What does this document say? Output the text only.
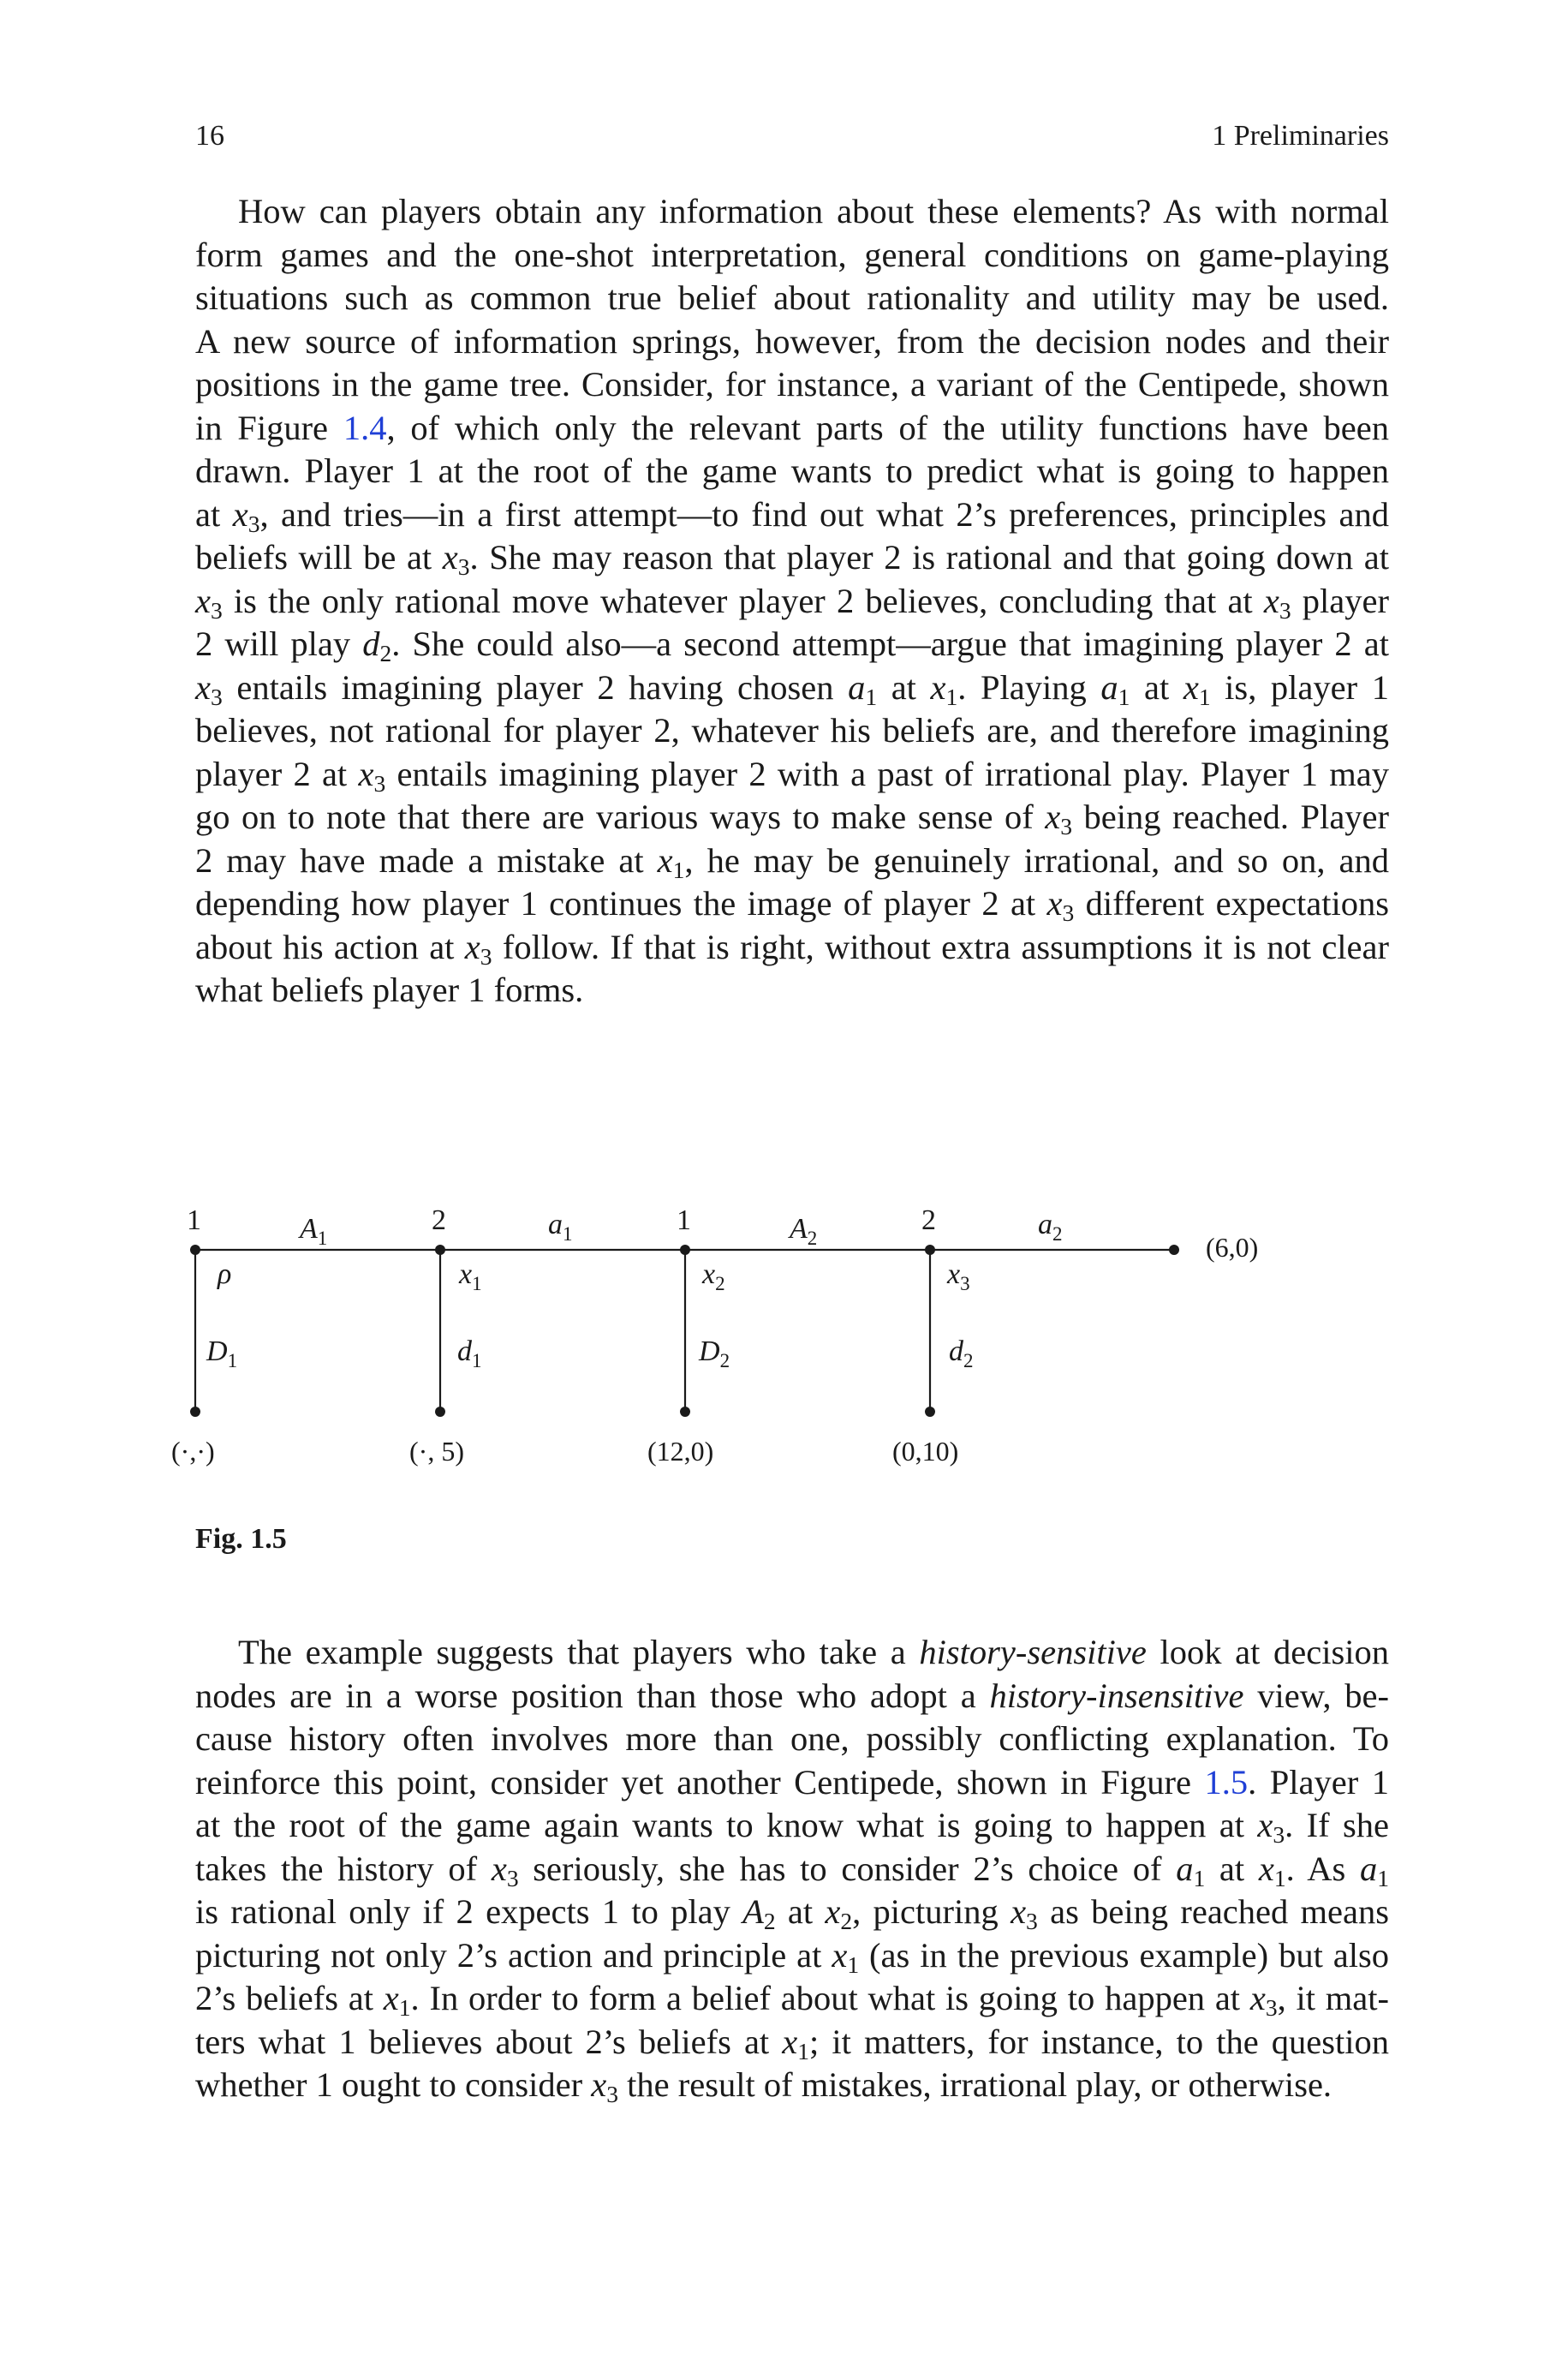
16	1 Preliminaries
How can players obtain any information about these elements? As with normal
form games and the one-shot interpretation, general conditions on game-playing
situations such as common true belief about rationality and utility may be used.
A new source of information springs, however, from the decision nodes and their
positions in the game tree. Consider, for instance, a variant of the Centipede, shown
in Figure 1.4, of which only the relevant parts of the utility functions have been
drawn. Player 1 at the root of the game wants to predict what is going to happen
at $x_3$, and tries—in a first attempt—to find out what 2’s preferences, principles and
beliefs will be at $x_3$. She may reason that player 2 is rational and that going down at
$x_3$ is the only rational move whatever player 2 believes, concluding that at $x_3$ player
2 will play $d_2$. She could also—a second attempt—argue that imagining player 2 at
$x_3$ entails imagining player 2 having chosen $a_1$ at $x_1$. Playing $a_1$ at $x_1$ is, player 1
believes, not rational for player 2, whatever his beliefs are, and therefore imagining
player 2 at $x_3$ entails imagining player 2 with a past of irrational play. Player 1 may
go on to note that there are various ways to make sense of $x_3$ being reached. Player
2 may have made a mistake at $x_1$, he may be genuinely irrational, and so on, and
depending how player 1 continues the image of player 2 at $x_3$ different expectations
about his action at $x_3$ follow. If that is right, without extra assumptions it is not clear
what beliefs player 1 forms.
1	2	1	2
$A_1$	$a_1$	$A_2$	$a_2$
ρ	$x_1$	$x_2$	$x_3$
$D_1$	$d_1$	$D_2$	$d_2$
(·,·)	(·, 5)	(12,0)	(0,10)
(6,0)
Fig. 1.5
The example suggests that players who take a history-sensitive look at decision
nodes are in a worse position than those who adopt a history-insensitive view, be-
cause history often involves more than one, possibly conflicting explanation. To
reinforce this point, consider yet another Centipede, shown in Figure 1.5. Player 1
at the root of the game again wants to know what is going to happen at $x_3$. If she
takes the history of $x_3$ seriously, she has to consider 2’s choice of $a_1$ at $x_1$. As $a_1$
is rational only if 2 expects 1 to play $A_2$ at $x_2$, picturing $x_3$ as being reached means
picturing not only 2’s action and principle at $x_1$ (as in the previous example) but also
2’s beliefs at $x_1$. In order to form a belief about what is going to happen at $x_3$, it mat-
ters what 1 believes about 2’s beliefs at $x_1$; it matters, for instance, to the question
whether 1 ought to consider $x_3$ the result of mistakes, irrational play, or otherwise.
